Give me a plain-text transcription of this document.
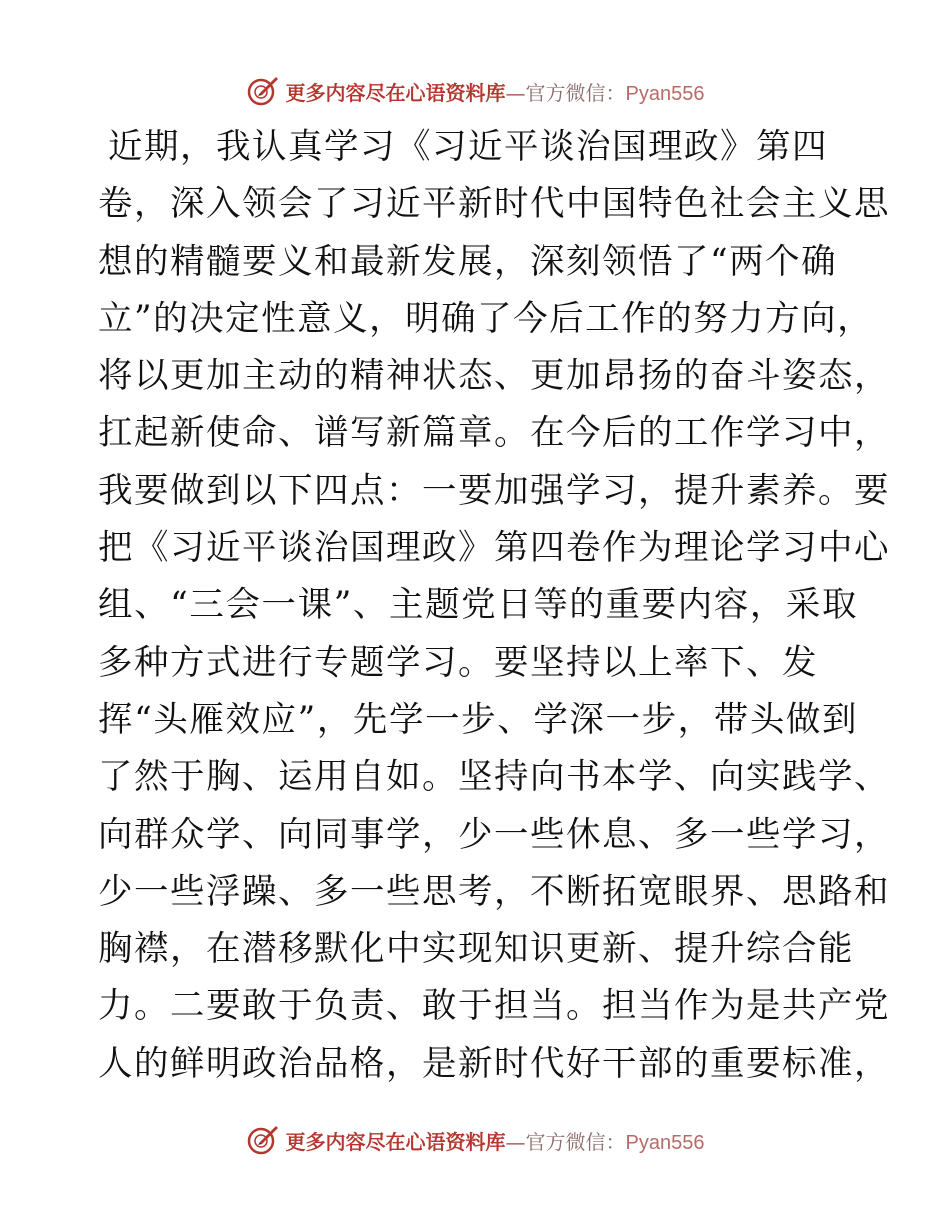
更多内容尽在心语资料库—官方微信：Pyan556
近期，我认真学习《习近平谈治国理政》第四
卷，深入领会了习近平新时代中国特色社会主义思
想的精髓要义和最新发展，深刻领悟了“两个确
立”的决定性意义，明确了今后工作的努力方向，
将以更加主动的精神状态、更加昂扬的奋斗姿态，
扛起新使命、谱写新篇章。在今后的工作学习中，
我要做到以下四点：一要加强学习，提升素养。要
把《习近平谈治国理政》第四卷作为理论学习中心
组、“三会一课”、主题党日等的重要内容，采取
多种方式进行专题学习。要坚持以上率下、发
挥“头雁效应”，先学一步、学深一步，带头做到
了然于胸、运用自如。坚持向书本学、向实践学、
向群众学、向同事学，少一些休息、多一些学习，
少一些浮躁、多一些思考，不断拓宽眼界、思路和
胸襟，在潜移默化中实现知识更新、提升综合能
力。二要敢于负责、敢于担当。担当作为是共产党
人的鲜明政治品格，是新时代好干部的重要标准，
更多内容尽在心语资料库—官方微信：Pyan556
